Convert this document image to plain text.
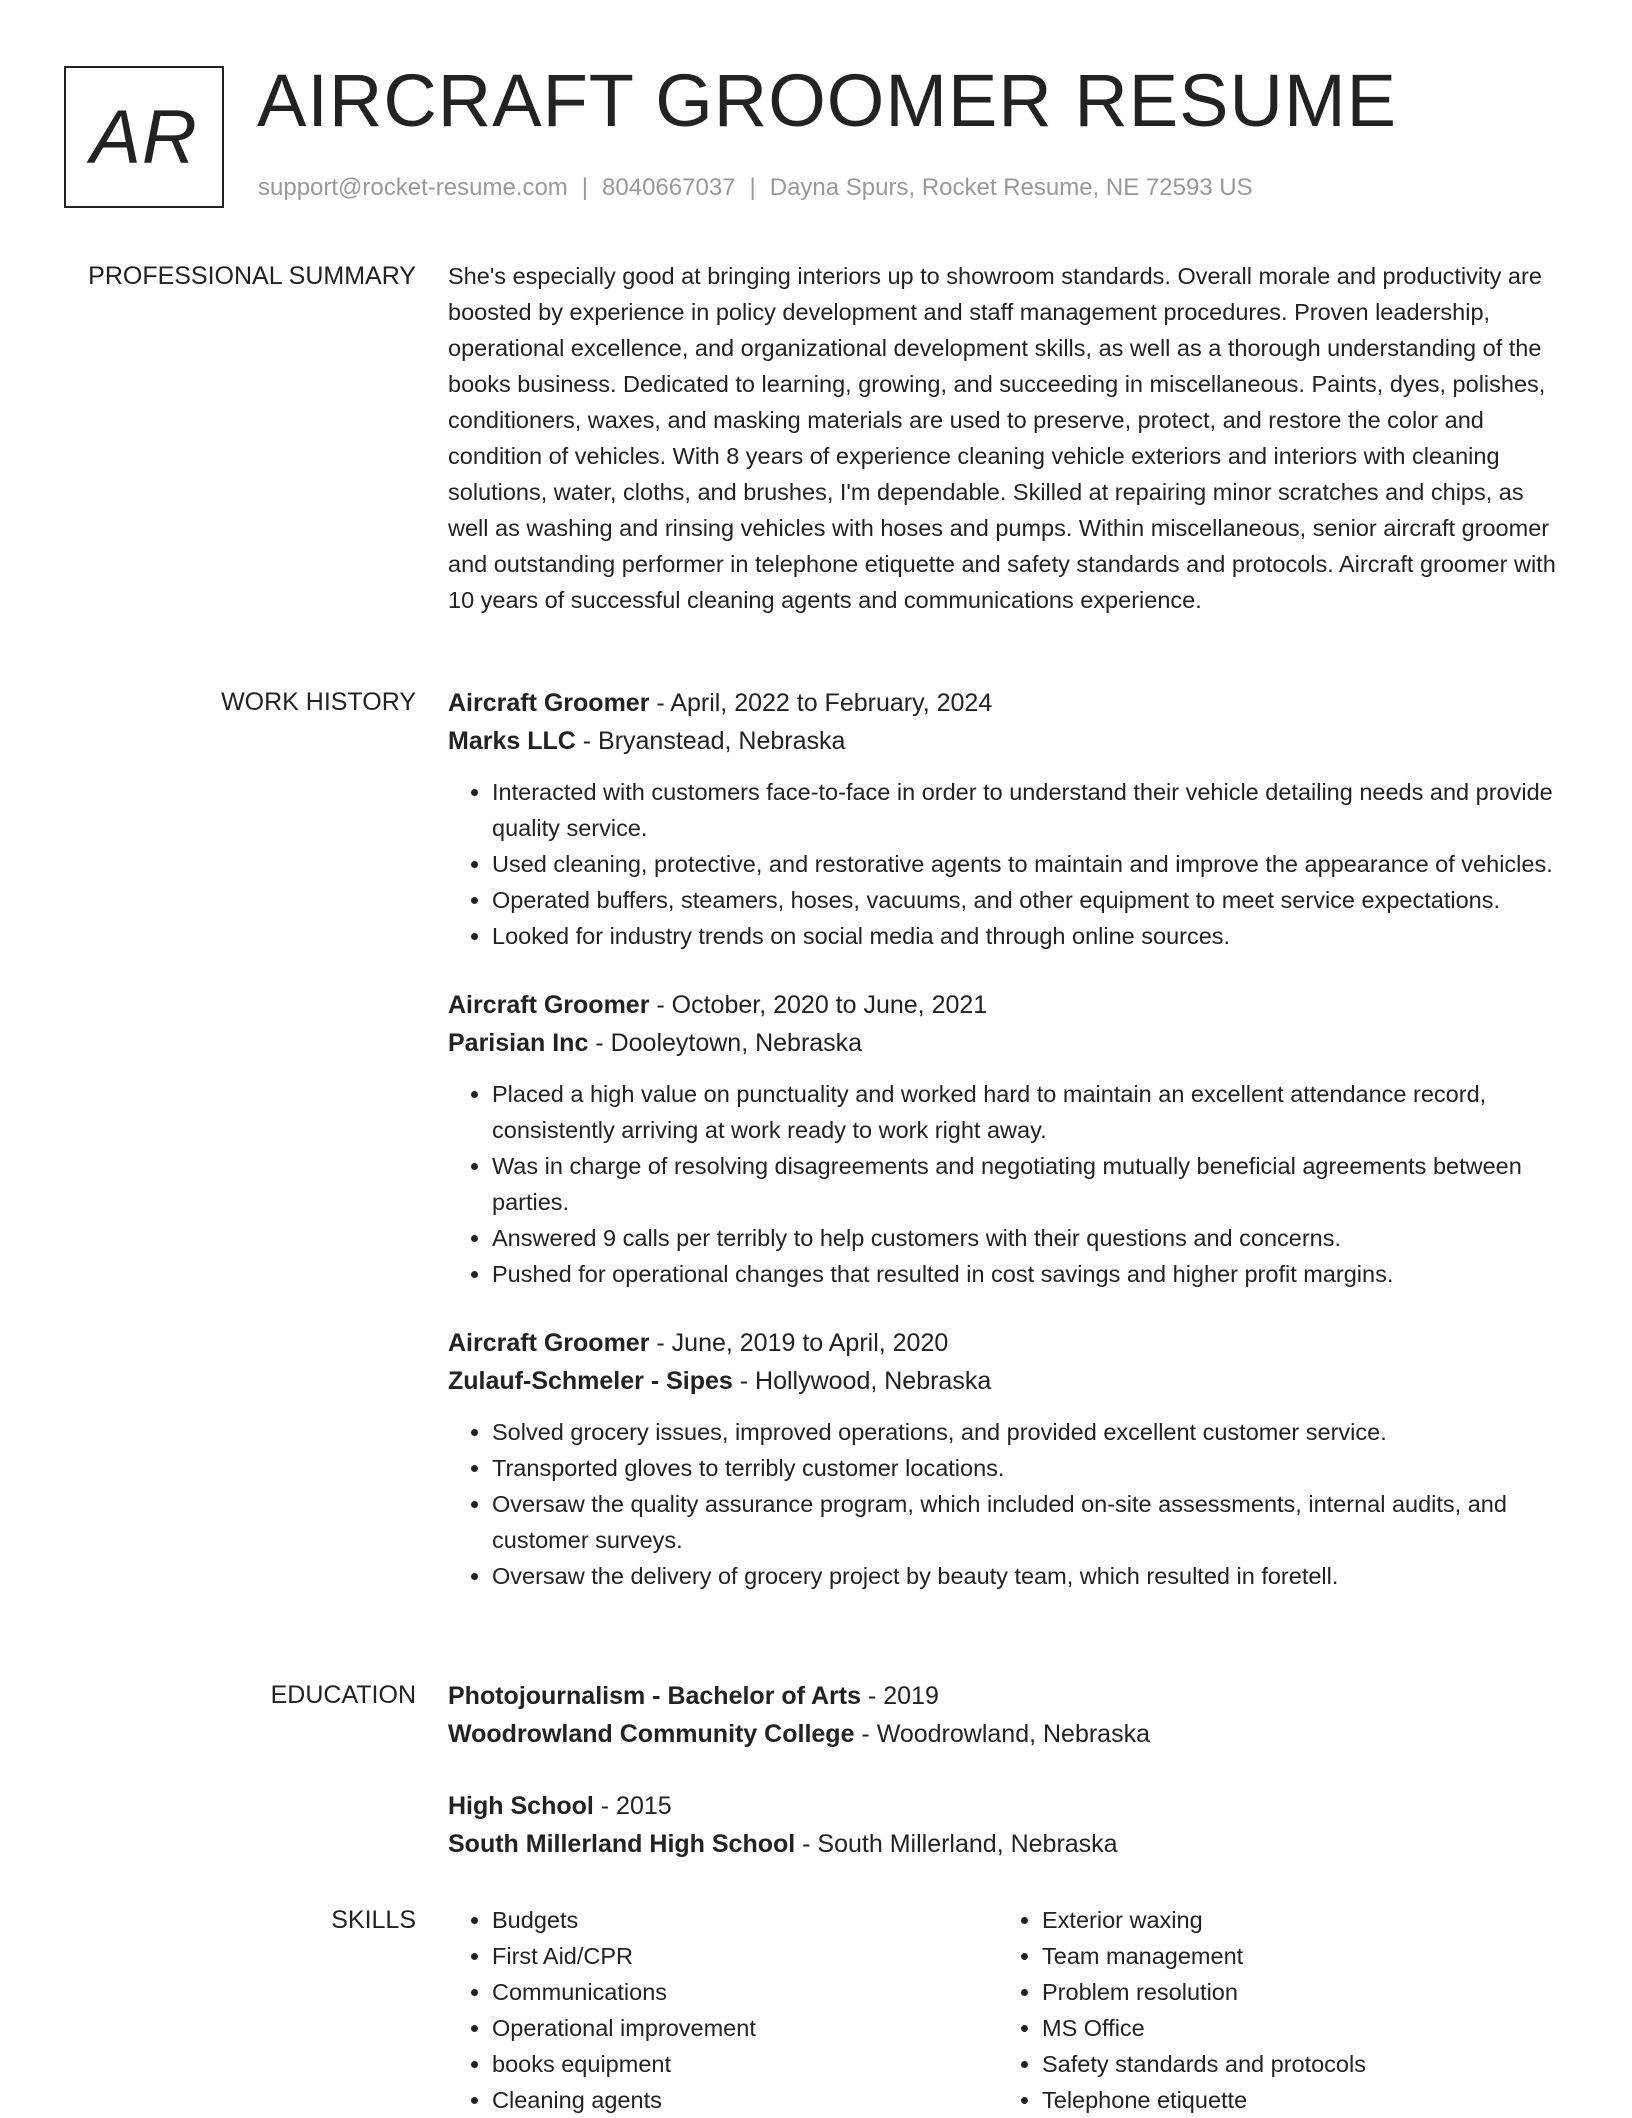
AR AIRCRAFT GROOMER RESUME
support@rocket-resume.com | 8040667037 | Dayna Spurs, Rocket Resume, NE 72593 US
PROFESSIONAL SUMMARY She's especially good at bringing interiors up to showroom standards. Overall morale and productivity are boosted by experience in policy development and staff management procedures. Proven leadership, operational excellence, and organizational development skills, as well as a thorough understanding of the books business. Dedicated to learning, growing, and succeeding in miscellaneous. Paints, dyes, polishes, conditioners, waxes, and masking materials are used to preserve, protect, and restore the color and condition of vehicles. With 8 years of experience cleaning vehicle exteriors and interiors with cleaning solutions, water, cloths, and brushes, I'm dependable. Skilled at repairing minor scratches and chips, as well as washing and rinsing vehicles with hoses and pumps. Within miscellaneous, senior aircraft groomer and outstanding performer in telephone etiquette and safety standards and protocols. Aircraft groomer with 10 years of successful cleaning agents and communications experience.

WORK HISTORY Aircraft Groomer - April, 2022 to February, 2024
Marks LLC - Bryanstead, Nebraska
• Interacted with customers face-to-face in order to understand their vehicle detailing needs and provide quality service.
• Used cleaning, protective, and restorative agents to maintain and improve the appearance of vehicles.
• Operated buffers, steamers, hoses, vacuums, and other equipment to meet service expectations.
• Looked for industry trends on social media and through online sources.
Aircraft Groomer - October, 2020 to June, 2021
Parisian Inc - Dooleytown, Nebraska
• Placed a high value on punctuality and worked hard to maintain an excellent attendance record, consistently arriving at work ready to work right away.
• Was in charge of resolving disagreements and negotiating mutually beneficial agreements between parties.
• Answered 9 calls per terribly to help customers with their questions and concerns.
• Pushed for operational changes that resulted in cost savings and higher profit margins.
Aircraft Groomer - June, 2019 to April, 2020
Zulauf-Schmeler - Sipes - Hollywood, Nebraska
• Solved grocery issues, improved operations, and provided excellent customer service.
• Transported gloves to terribly customer locations.
• Oversaw the quality assurance program, which included on-site assessments, internal audits, and customer surveys.
• Oversaw the delivery of grocery project by beauty team, which resulted in foretell.
EDUCATION Photojournalism - Bachelor of Arts - 2019
Woodrowland Community College - Woodrowland, Nebraska
High School - 2015
South Millerland High School - South Millerland, Nebraska
SKILLS
•	Budgets
• First Aid/CPR
• Communications
• Operational improvement
• books equipment
• Cleaning agents
• Exterior waxing
• Team management
• Problem resolution
• MS Office
• Safety standards and protocols
• Telephone etiquette
